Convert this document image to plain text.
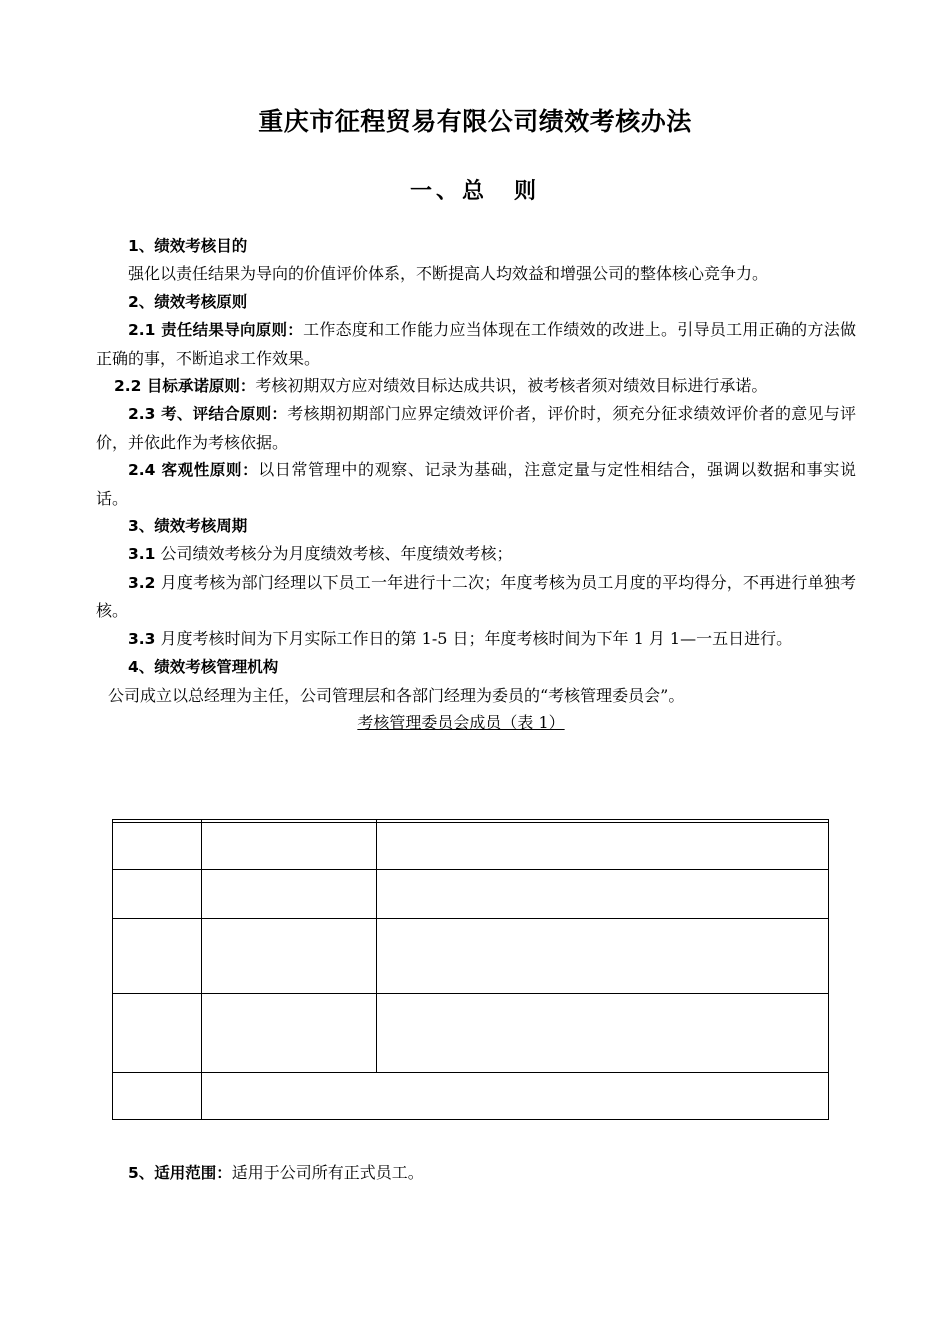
重庆市征程贸易有限公司绩效考核办法
一、总　则

1、绩效考核目的

强化以责任结果为导向的价值评价体系，不断提高人均效益和增强公司的整体核心竞争力。

2、绩效考核原则

2.1 责任结果导向原则：工作态度和工作能力应当体现在工作绩效的改进上。引导员工用正确的方法做正确的事，不断追求工作效果。

2.2 目标承诺原则：考核初期双方应对绩效目标达成共识，被考核者须对绩效目标进行承诺。

2.3 考、评结合原则：考核期初期部门应界定绩效评价者，评价时，须充分征求绩效评价者的意见与评价，并依此作为考核依据。

2.4 客观性原则：以日常管理中的观察、记录为基础，注意定量与定性相结合，强调以数据和事实说话。

3、绩效考核周期

3.1 公司绩效考核分为月度绩效考核、年度绩效考核；

3.2 月度考核为部门经理以下员工一年进行十二次；年度考核为员工月度的平均得分，不再进行单独考核。

3.3 月度考核时间为下月实际工作日的第 1-5 日；年度考核时间为下年 1 月 1—一五日进行。

4、绩效考核管理机构

公司成立以总经理为主任，公司管理层和各部门经理为委员的“考核管理委员会”。

考核管理委员会成员（表 1）

5、适用范围：适用于公司所有正式员工。
